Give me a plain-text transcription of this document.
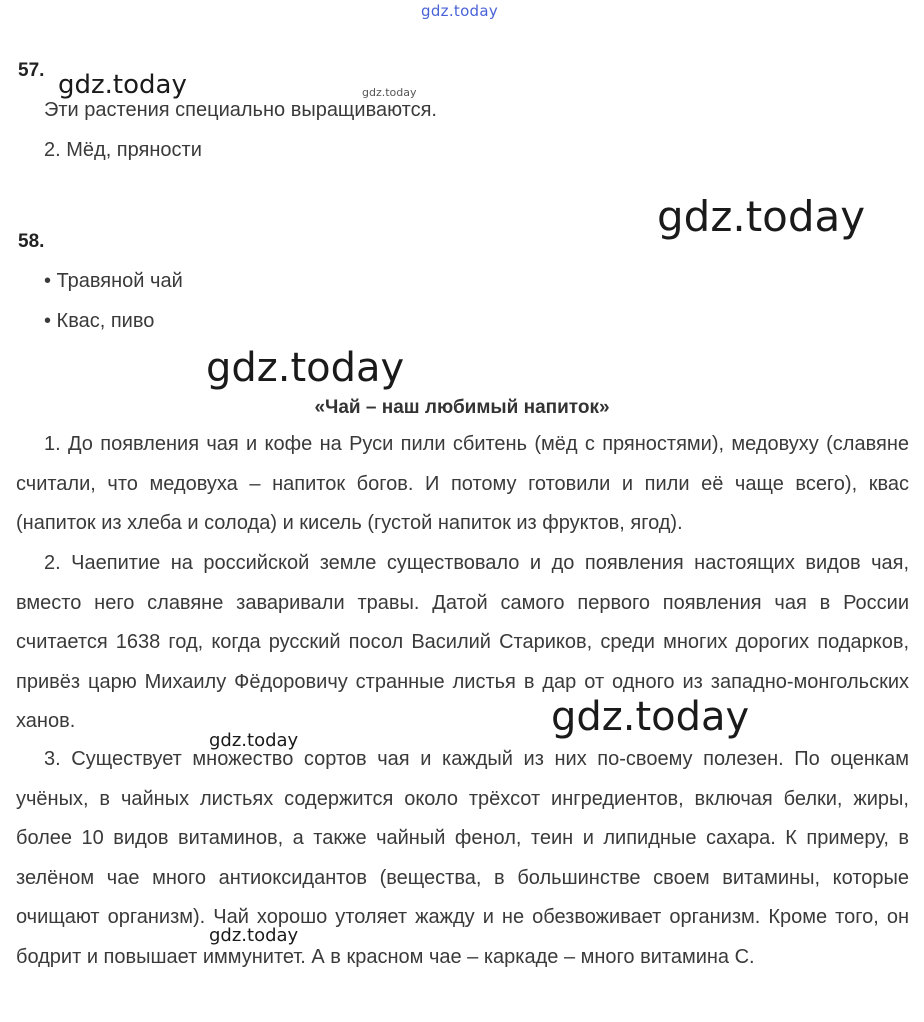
gdz.today
gdz.today	gdz.today
gdz.today
gdz.today
gdz.today
gdz.today
gdz.today
57.
Эти растения специально выращиваются.
2. Мёд, пряности
58.
• Травяной чай
• Квас, пиво
«Чай – наш любимый напиток»

1. До появления чая и кофе на Руси пили сбитень (мёд с пряностями), медовуху (славяне считали, что медовуха – напиток богов. И потому готовили и пили её чаще всего), квас (напиток из хлеба и солода) и кисель (густой напиток из фруктов, ягод).

2. Чаепитие на российской земле существовало и до появления настоящих видов чая, вместо него славяне заваривали травы. Датой самого первого появления чая в России считается 1638 год, когда русский посол Василий Стариков, среди многих дорогих подарков, привёз царю Михаилу Фёдоровичу странные листья в дар от одного из западно-монгольских ханов.

3. Существует множество сортов чая и каждый из них по-своему полезен. По оценкам учёных, в чайных листьях содержится около трёхсот ингредиентов, включая белки, жиры, более 10 видов витаминов, а также чайный фенол, теин и липидные сахара. К примеру, в зелёном чае много антиоксидантов (вещества, в большинстве своем витамины, которые очищают организм). Чай хорошо утоляет жажду и не обезвоживает организм. Кроме того, он бодрит и повышает иммунитет. А в красном чае – каркаде – много витамина С.
